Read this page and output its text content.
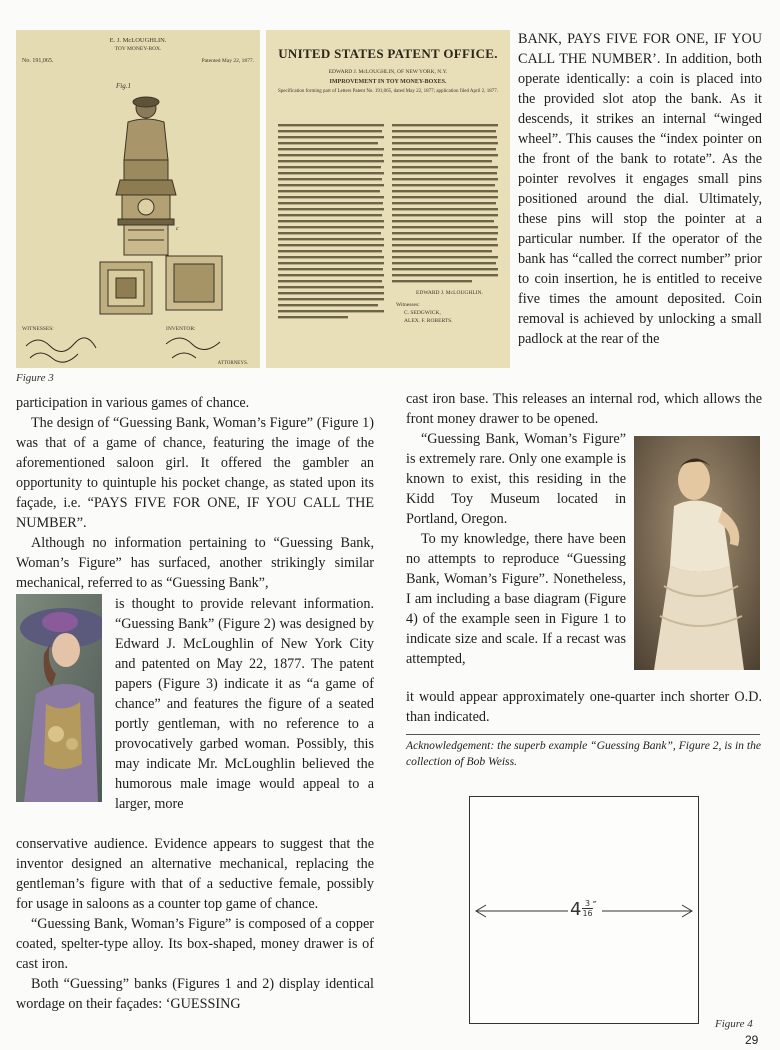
E. J. McLOUGHLIN.
TOY MONEY-BOX.
No. 191,065.	Patented May 22, 1877.
Fig.1
c
WITNESSES:	INVENTOR:
ATTORNEYS.
UNITED STATES PATENT OFFICE.
EDWARD J. McLOUGHLIN, OF NEW YORK, N.Y.
IMPROVEMENT IN TOY MONEY-BOXES.
Specification forming part of Letters Patent No. 191,065, dated May 22, 1877; application filed April 2, 1877.
EDWARD J. McLOUGHLIN.
Witnesses:
C. SEDGWICK,
ALEX. F. ROBERTS.
Figure 3

BANK, PAYS FIVE FOR ONE, IF YOU CALL THE NUMBER’. In addition, both operate identically: a coin is placed into the provided slot atop the bank. As it descends, it strikes an internal “winged wheel”. This causes the “index pointer on the front of the bank to rotate”. As the pointer revolves it engages small pins positioned around the dial. Ultimately, these pins will stop the pointer at a particular number. If the operator of the bank has “called the correct number” prior to coin insertion, he is entitled to receive five times the amount deposited. Coin removal is achieved by unlocking a small padlock at the rear of the

cast iron base. This releases an internal rod, which allows the front money drawer to be opened.

participation in various games of chance.

The design of “Guessing Bank, Woman’s Figure” (Figure 1) was that of a game of chance, featuring the image of the aforementioned saloon girl. It offered the gambler an opportunity to quintuple his pocket change, as stated upon its façade, i.e. “PAYS FIVE FOR ONE, IF YOU CALL THE NUMBER”.

Although no information pertaining to “Guessing Bank, Woman’s Figure” has surfaced, another strikingly similar mechanical, referred to as “Guessing Bank”,

is thought to provide relevant information. “Guessing Bank” (Figure 2) was designed by Edward J. McLoughlin of New York City and patented on May 22, 1877. The patent papers (Figure 3) indicate it as “a game of chance” and features the figure of a seated portly gentleman, with no reference to a provocatively garbed woman. Possibly, this may indicate Mr. McLoughlin believed the humorous male image would appeal to a larger, more

conservative audience. Evidence appears to suggest that the inventor designed an alternative mechanical, replacing the gentleman’s figure with that of a seductive female, possibly for usage in saloons as a counter top game of chance.

“Guessing Bank, Woman’s Figure” is composed of a copper coated, spelter-type alloy. Its box-shaped, money drawer is of cast iron.

Both “Guessing” banks (Figures 1 and 2) display identical wordage on their façades: ‘GUESSING

“Guessing Bank, Woman’s Figure” is extremely rare. Only one example is known to exist, this residing in the Kidd Toy Museum located in Portland, Oregon.

To my knowledge, there have been no attempts to reproduce “Guessing Bank, Woman’s Figure”. Nonetheless, I am including a base diagram (Figure 4) of the example seen in Figure 1 to indicate size and scale. If a recast was attempted,

it would appear approximately one-quarter inch shorter O.D. than indicated.

Acknowledgement: the superb example “Guessing Bank”, Figure 2, is in the collection of Bob Weiss.
$4 \frac{3}{16} ''$
Figure 4
29
